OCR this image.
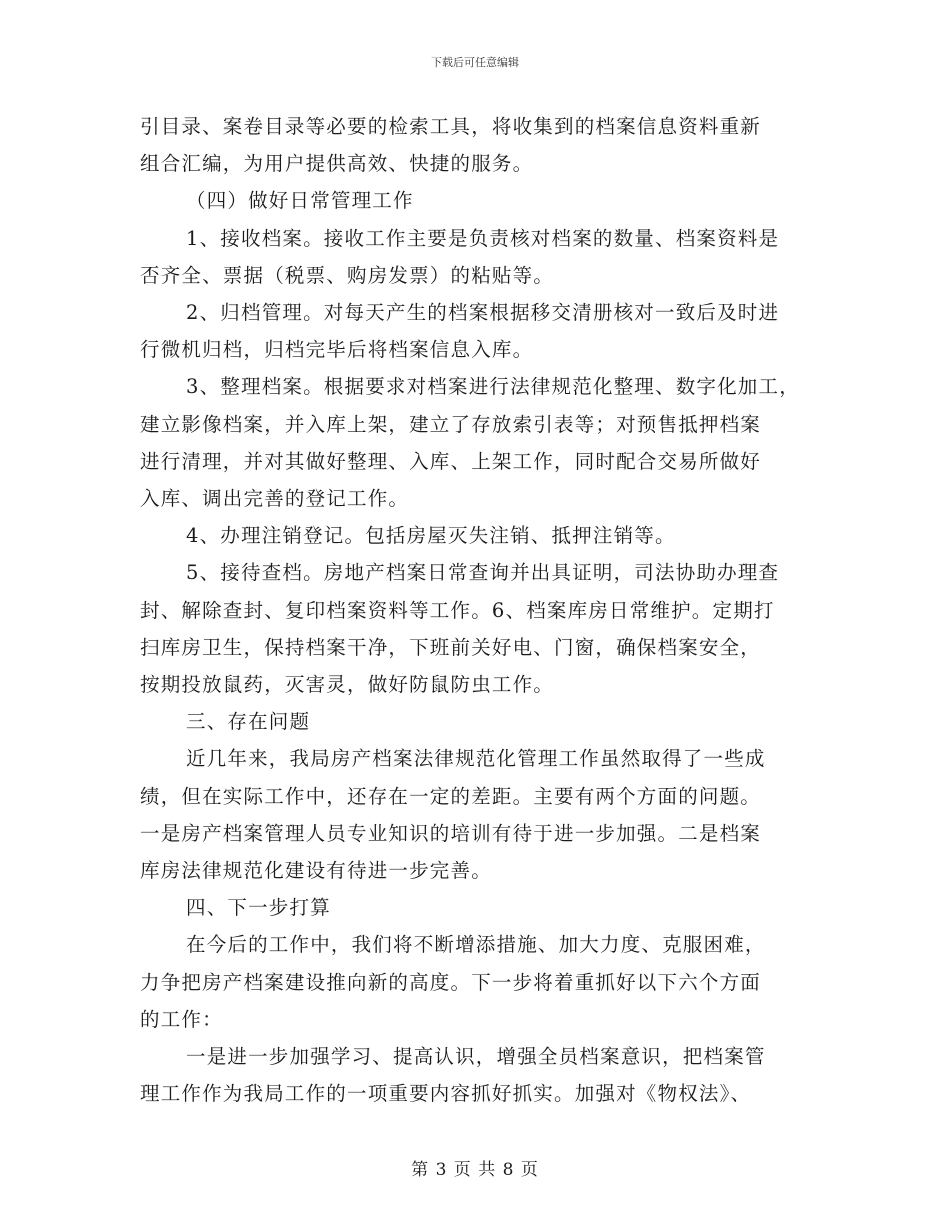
下载后可任意编辑

引目录、案卷目录等必要的检索工具，将收集到的档案信息资料重新

组合汇编，为用户提供高效、快捷的服务。

（四）做好日常管理工作

1、接收档案。接收工作主要是负责核对档案的数量、档案资料是

否齐全、票据（税票、购房发票）的粘贴等。

2、归档管理。对每天产生的档案根据移交清册核对一致后及时进

行微机归档，归档完毕后将档案信息入库。

3、整理档案。根据要求对档案进行法律规范化整理、数字化加工，

建立影像档案，并入库上架，建立了存放索引表等；对预售抵押档案

进行清理，并对其做好整理、入库、上架工作，同时配合交易所做好

入库、调出完善的登记工作。

4、办理注销登记。包括房屋灭失注销、抵押注销等。

5、接待查档。房地产档案日常查询并出具证明，司法协助办理查

封、解除查封、复印档案资料等工作。6、档案库房日常维护。定期打

扫库房卫生，保持档案干净，下班前关好电、门窗，确保档案安全，

按期投放鼠药，灭害灵，做好防鼠防虫工作。

三、存在问题

近几年来，我局房产档案法律规范化管理工作虽然取得了一些成

绩，但在实际工作中，还存在一定的差距。主要有两个方面的问题。

一是房产档案管理人员专业知识的培训有待于进一步加强。二是档案

库房法律规范化建设有待进一步完善。

四、下一步打算

在今后的工作中，我们将不断增添措施、加大力度、克服困难，

力争把房产档案建设推向新的高度。下一步将着重抓好以下六个方面

的工作：

一是进一步加强学习、提高认识，增强全员档案意识，把档案管

理工作作为我局工作的一项重要内容抓好抓实。加强对《物权法》、

第 3 页 共 8 页
